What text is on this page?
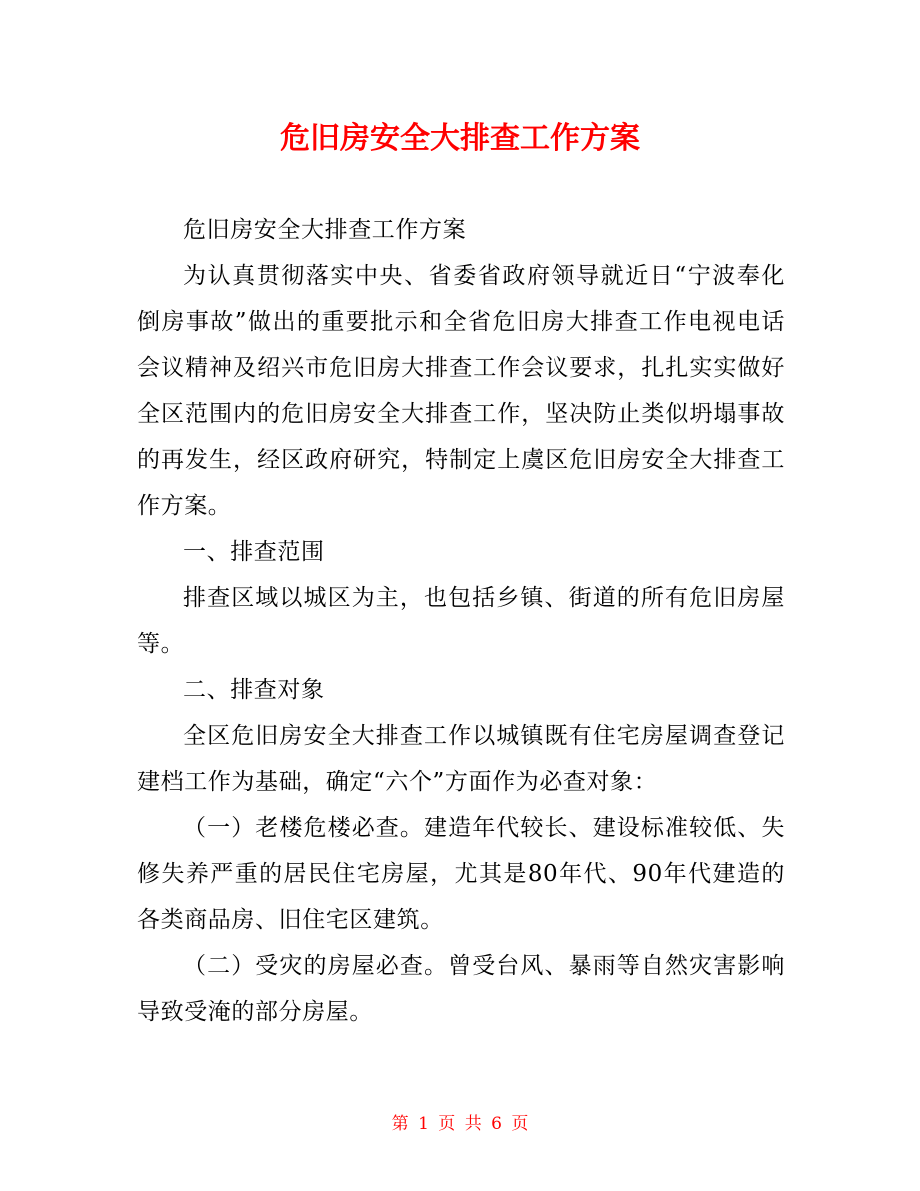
危旧房安全大排查工作方案

危旧房安全大排查工作方案

为认真贯彻落实中央、省委省政府领导就近日“宁波奉化倒房事故”做出的重要批示和全省危旧房大排查工作电视电话会议精神及绍兴市危旧房大排查工作会议要求，扎扎实实做好全区范围内的危旧房安全大排查工作，坚决防止类似坍塌事故的再发生，经区政府研究，特制定上虞区危旧房安全大排查工作方案。

一、排查范围

排查区域以城区为主，也包括乡镇、街道的所有危旧房屋等。

二、排查对象

全区危旧房安全大排查工作以城镇既有住宅房屋调查登记建档工作为基础，确定“六个”方面作为必查对象：

（一）老楼危楼必查。建造年代较长、建设标准较低、失修失养严重的居民住宅房屋，尤其是80年代、90年代建造的各类商品房、旧住宅区建筑。

（二）受灾的房屋必查。曾受台风、暴雨等自然灾害影响导致受淹的部分房屋。

第 1 页 共 6 页
